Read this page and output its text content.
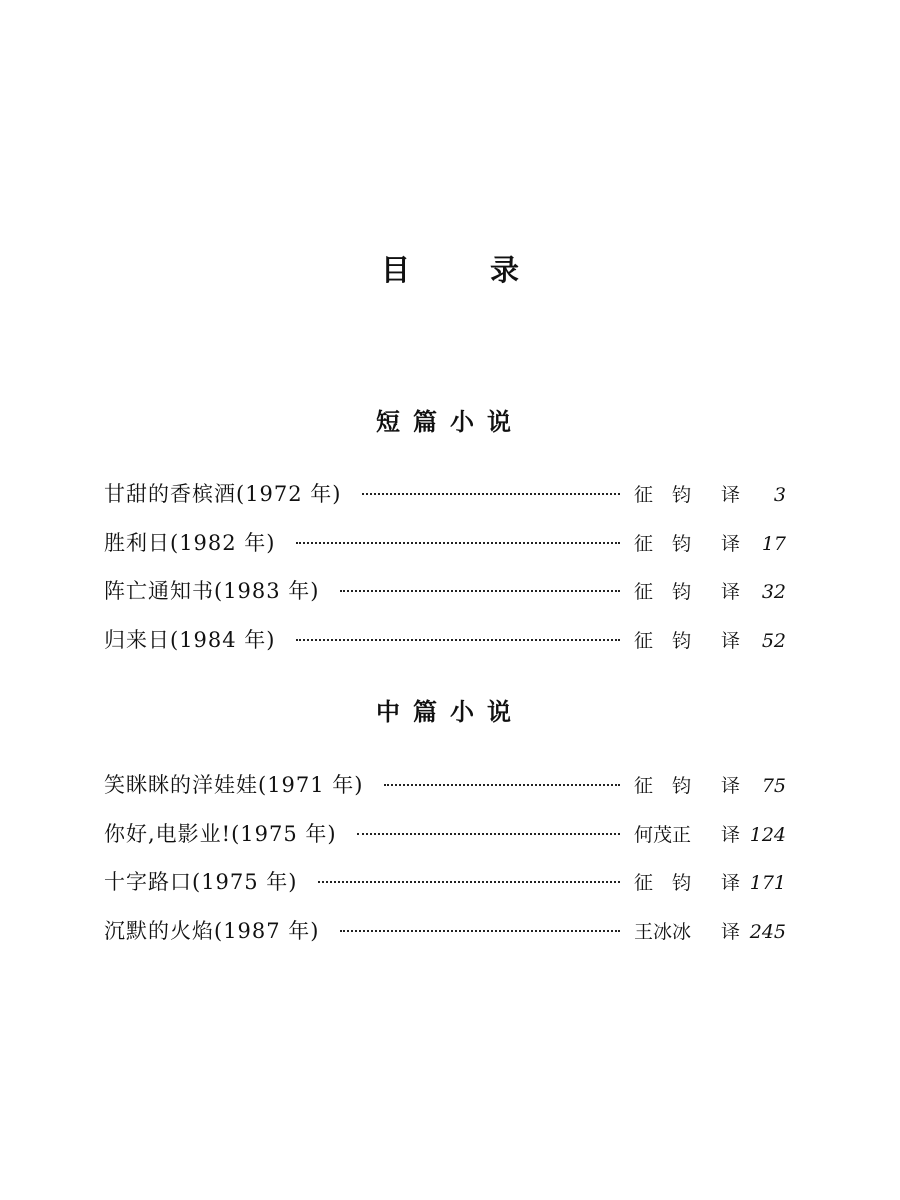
目	录
短篇小说
甘甜的香槟酒(1972 年)	征　钧 译	3
胜利日(1982 年)	征　钧 译	17
阵亡通知书(1983 年)	征　钧 译	32
归来日(1984 年)	征　钧 译	52
中篇小说
笑眯眯的洋娃娃(1971 年)	征　钧 译	75
你好,电影业!(1975 年)	何茂正 译 124
十字路口(1975 年)	征　钧 译 171
沉默的火焰(1987 年)	王冰冰 译 245
